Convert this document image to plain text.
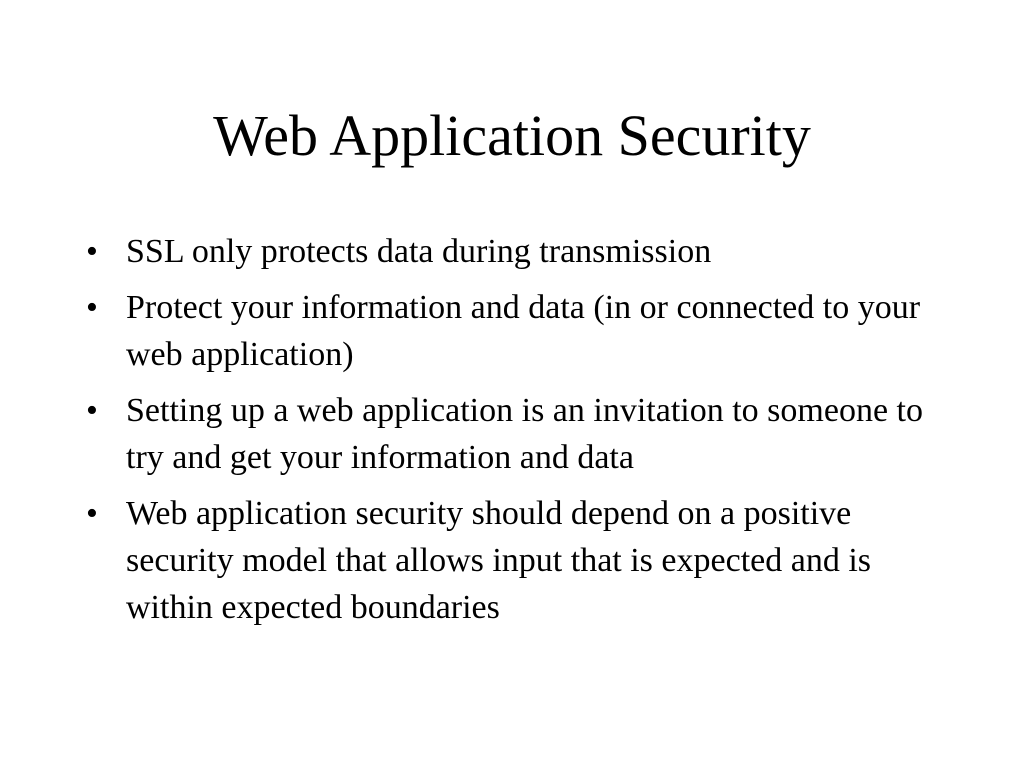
Web Application Security
• SSL only protects data during transmission
• Protect your information and data (in or connected to your web application)
• Setting up a web application is an invitation to someone to try and get your information and data
• Web application security should depend on a positive security model that allows input that is expected and is within expected boundaries
